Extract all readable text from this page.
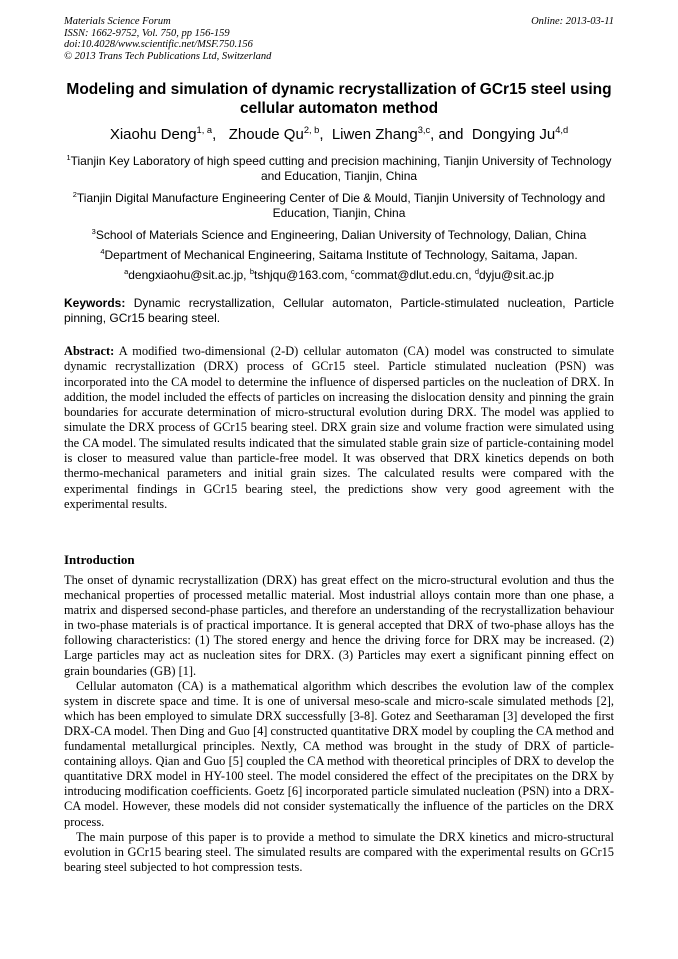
Materials Science Forum
ISSN: 1662-9752, Vol. 750, pp 156-159
doi:10.4028/www.scientific.net/MSF.750.156
© 2013 Trans Tech Publications Ltd, Switzerland
Online: 2013-03-11
Modeling and simulation of dynamic recrystallization of GCr15 steel using cellular automaton method
Xiaohu Deng$^{1, a}$,   Zhoude Qu$^{2, b}$,  Liwen Zhang$^{3,c}$, and  Dongying Ju$^{4,d}$
$^1$Tianjin Key Laboratory of high speed cutting and precision machining, Tianjin University of Technology and Education, Tianjin, China
$^2$Tianjin Digital Manufacture Engineering Center of Die & Mould, Tianjin University of Technology and Education, Tianjin, China
$^3$School of Materials Science and Engineering, Dalian University of Technology, Dalian, China
$^4$Department of Mechanical Engineering, Saitama Institute of Technology, Saitama, Japan.
$^a$dengxiaohu@sit.ac.jp, $^b$tshjqu@163.com, $^c$commat@dlut.edu.cn, $^d$dyju@sit.ac.jp
Keywords: Dynamic recrystallization, Cellular automaton, Particle-stimulated nucleation, Particle pinning, GCr15 bearing steel.
Abstract: A modified two-dimensional (2-D) cellular automaton (CA) model was constructed to simulate dynamic recrystallization (DRX) process of GCr15 steel. Particle stimulated nucleation (PSN) was incorporated into the CA model to determine the influence of dispersed particles on the nucleation of DRX. In addition, the model included the effects of particles on increasing the dislocation density and pinning the grain boundaries for accurate determination of micro-structural evolution during DRX. The model was applied to simulate the DRX process of GCr15 bearing steel. DRX grain size and volume fraction were simulated using the CA model. The simulated results indicated that the simulated stable grain size of particle-containing model is closer to measured value than particle-free model. It was observed that DRX kinetics depends on both thermo-mechanical parameters and initial grain sizes. The calculated results were compared with the experimental findings in GCr15 bearing steel, the predictions show very good agreement with the experimental results.
Introduction

The onset of dynamic recrystallization (DRX) has great effect on the micro-structural evolution and thus the mechanical properties of processed metallic material. Most industrial alloys contain more than one phase, a matrix and dispersed second-phase particles, and therefore an understanding of the recrystallization behaviour in two-phase materials is of practical importance. It is general accepted that DRX of two-phase alloys has the following characteristics: (1) The stored energy and hence the driving force for DRX may be increased. (2) Large particles may act as nucleation sites for DRX. (3) Particles may exert a significant pinning effect on grain boundaries (GB) [1].

Cellular automaton (CA) is a mathematical algorithm which describes the evolution law of the complex system in discrete space and time. It is one of universal meso-scale and micro-scale simulated methods [2], which has been employed to simulate DRX successfully [3-8]. Gotez and Seetharaman [3] developed the first DRX-CA model. Then Ding and Guo [4] constructed quantitative DRX model by coupling the CA method and fundamental metallurgical principles. Nextly, CA method was brought in the study of DRX of particle-containing alloys. Qian and Guo [5] coupled the CA method with theoretical principles of DRX to develop the quantitative DRX model in HY-100 steel. The model considered the effect of the precipitates on the DRX by introducing modification coefficients. Goetz [6] incorporated particle simulated nucleation (PSN) into a DRX-CA model. However, these models did not consider systematically the influence of the particles on the DRX process.

The main purpose of this paper is to provide a method to simulate the DRX kinetics and micro-structural evolution in GCr15 bearing steel. The simulated results are compared with the experimental results on GCr15 bearing steel subjected to hot compression tests.
